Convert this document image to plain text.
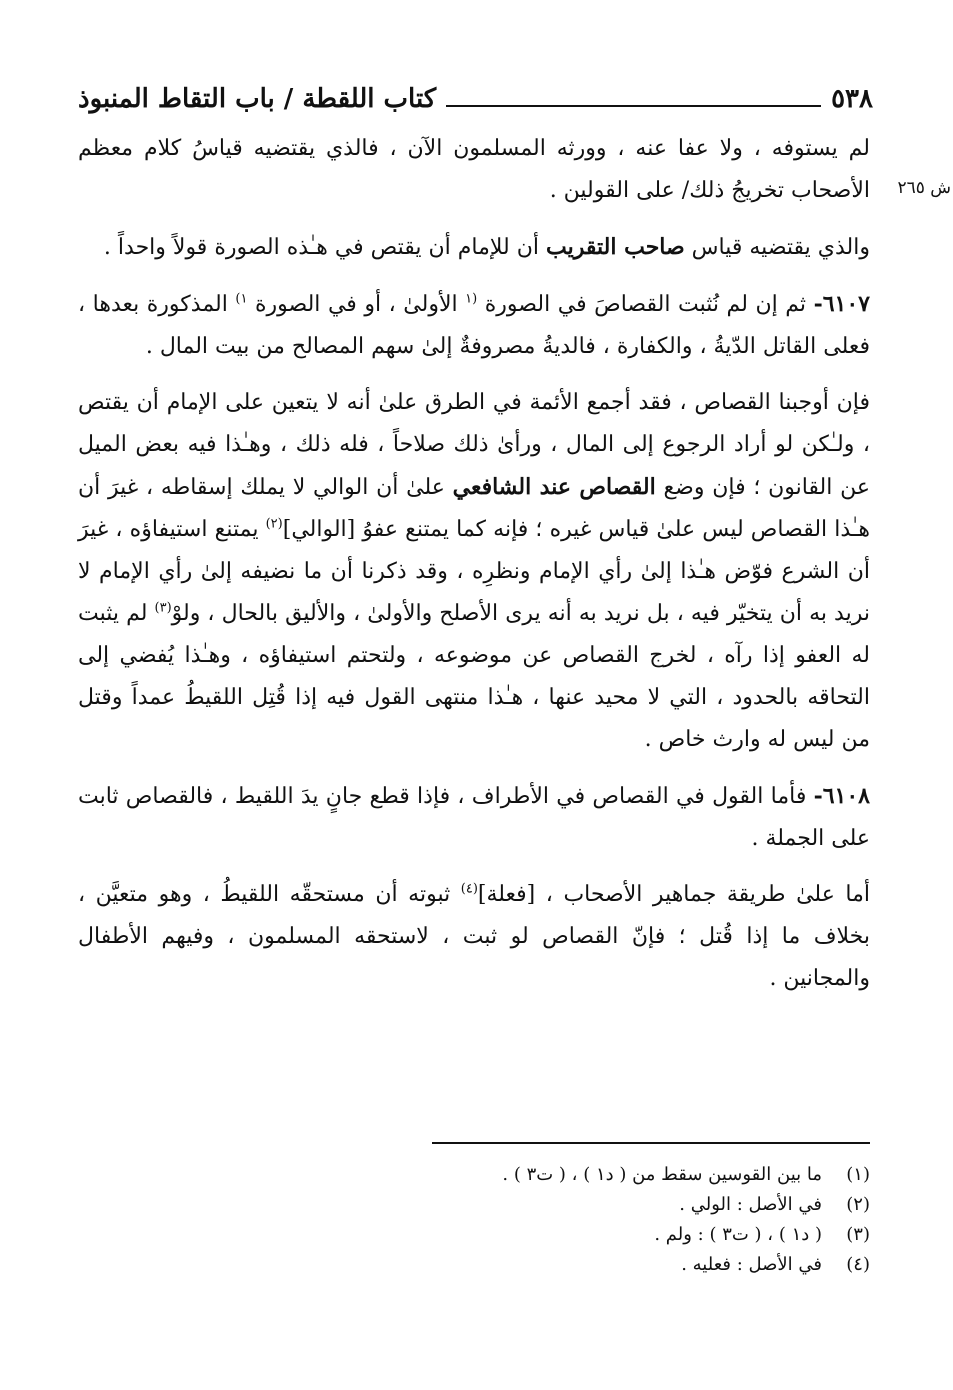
٥٣٨
كتاب اللقطة / باب التقاط المنبوذ
ش ٢٦٥

لم يستوفه ، ولا عفا عنه ، وورثه المسلمون الآن ، فالذي يقتضيه قياسُ كلام معظم الأصحاب تخريجُ ذلك/ على القولين .

والذي يقتضيه قياس صاحب التقريب أن للإمام أن يقتص في هـٰذه الصورة قولاً واحداً .

٦١٠٧- ثم إن لم نُثبت القصاصَ في الصورة $^{(١}$ الأولىٰ ، أو في الصورة $^{١)}$ المذكورة بعدها ، فعلى القاتل الدّيةُ ، والكفارة ، فالديةُ مصروفةٌ إلىٰ سهم المصالح من بيت المال .

فإن أوجبنا القصاص ، فقد أجمع الأئمة في الطرق علىٰ أنه لا يتعين على الإمام أن يقتص ، ولـٰكن لو أراد الرجوع إلى المال ، ورأىٰ ذلك صلاحاً ، فله ذلك ، وهـٰذا فيه بعض الميل عن القانون ؛ فإن وضع القصاص عند الشافعي علىٰ أن الوالي لا يملك إسقاطه ، غيرَ أن هـٰذا القصاص ليس علىٰ قياس غيره ؛ فإنه كما يمتنع عفوُ [الوالي]$^{(٢)}$ يمتنع استيفاؤه ، غيرَ أن الشرع فوّض هـٰذا إلىٰ رأي الإمام ونظرِه ، وقد ذكرنا أن ما نضيفه إلىٰ رأي الإمام لا نريد به أن يتخيّر فيه ، بل نريد به أنه يرى الأصلح والأولىٰ ، والأليق بالحال ، ولوْ$^{(٣)}$ لم يثبت له العفو إذا رآه ، لخرج القصاص عن موضوعه ، ولتحتم استيفاؤه ، وهـٰذا يُفضي إلى التحاقه بالحدود ، التي لا محيد عنها ، هـٰذا منتهى القول فيه إذا قُتِل اللقيطُ عمداً وقتل من ليس له وارث خاص .

٦١٠٨- فأما القول في القصاص في الأطراف ، فإذا قطع جانٍ يدَ اللقيط ، فالقصاص ثابت على الجملة .

أما علىٰ طريقة جماهير الأصحاب ، [فعلة]$^{(٤)}$ ثبوته أن مستحقّه اللقيطُ ، وهو متعيَّن ، بخلاف ما إذا قُتل ؛ فإنّ القصاص لو ثبت ، لاستحقه المسلمون ، وفيهم الأطفال والمجانين .

(١)
ما بين القوسين سقط من ( د١ ) ، ( ت٣ ) .
(٢)
في الأصل : الولي .
(٣)
( د١ ) ، ( ت٣ ) : ولم .
(٤)
في الأصل : فعليه .
